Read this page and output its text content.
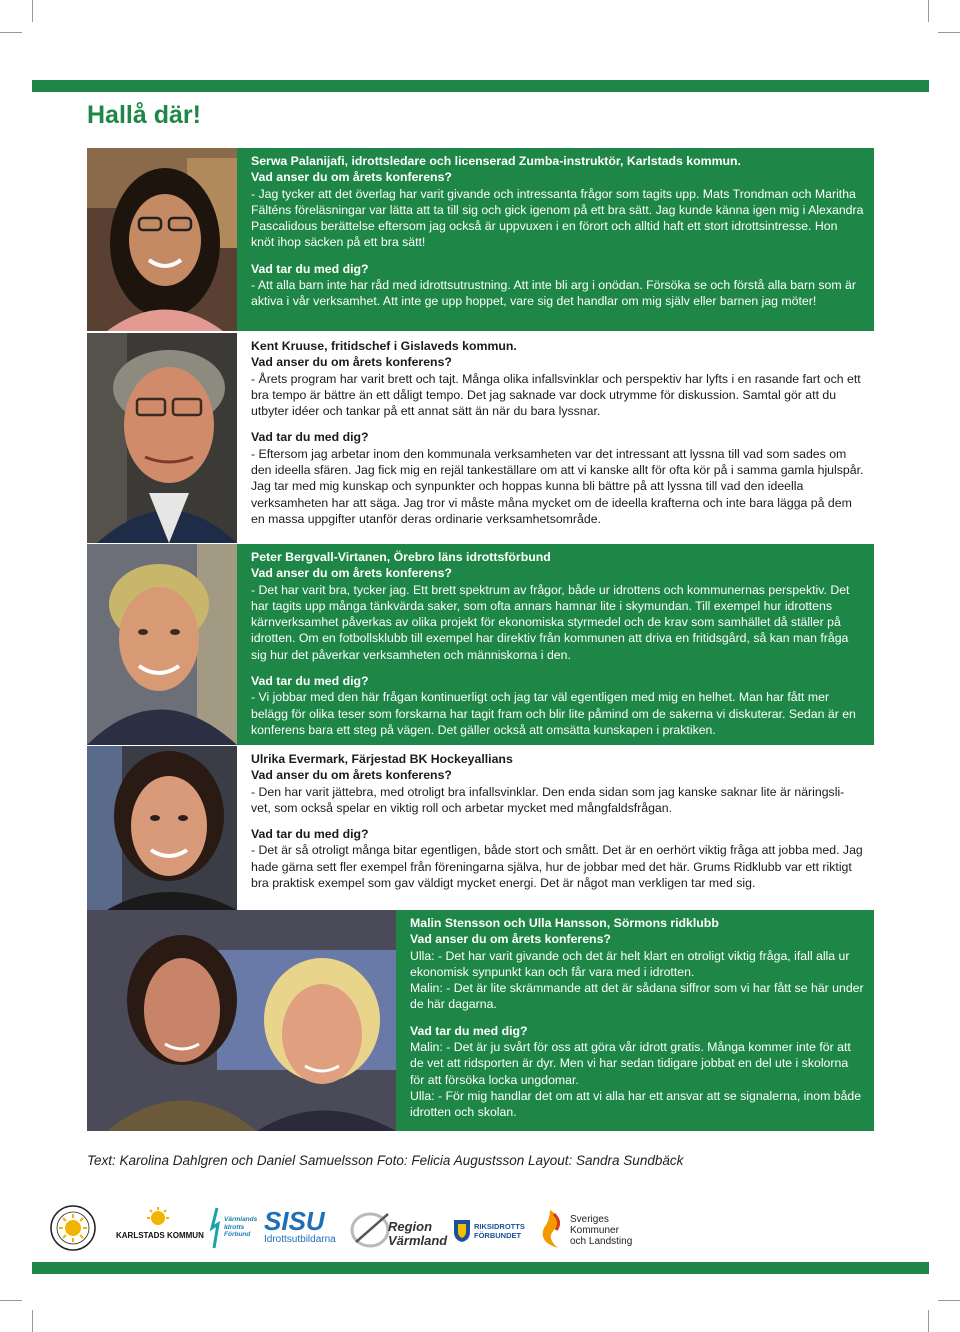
Hallå där!

Serwa Palanijafi, idrottsledare och licenserad Zumba-instruktör, Karlstads kommun.

Vad anser du om årets konferens?

- Jag tycker att det överlag har varit givande och intressanta frågor som tagits upp. Mats Trondman och Maritha Fälténs föreläsningar var lätta att ta till sig och gick igenom på ett bra sätt. Jag kunde känna igen mig i Alexandra Pascalidous berättelse eftersom jag också är uppvuxen i en förort och alltid haft ett stort idrottsintresse. Hon knöt ihop säcken på ett bra sätt!

Vad tar du med dig?

- Att alla barn inte har råd med idrottsutrustning. Att inte bli arg i onödan. Försöka se och förstå alla barn som är aktiva i vår verksamhet. Att inte ge upp hoppet, vare sig det handlar om mig själv eller barnen jag möter!

Kent Kruuse, fritidschef i Gislaveds kommun.

Vad anser du om årets konferens?

- Årets program har varit brett och tajt. Många olika infallsvinklar och perspektiv har lyfts i en rasande fart och ett bra tempo är bättre än ett dåligt tempo. Det jag saknade var dock utrymme för diskussion. Samtal gör att du utbyter idéer och tankar på ett annat sätt än när du bara lyssnar.

Vad tar du med dig?

- Eftersom jag arbetar inom den kommunala verksamheten var det intressant att lyssna till vad som sades om den ideella sfären. Jag fick mig en rejäl tankeställare om att vi kanske allt för ofta kör på i samma gamla hjulspår. Jag tar med mig kunskap och synpunkter och hoppas kunna bli bättre på att lyssna till vad den ideella verksamheten har att säga. Jag tror vi måste måna mycket om de ideella krafterna och inte bara lägga på dem en massa uppgifter utanför deras ordinarie verksamhetsområde.

Peter Bergvall-Virtanen, Örebro läns idrottsförbund

Vad anser du om årets konferens?

- Det har varit bra, tycker jag. Ett brett spektrum av frågor, både ur idrottens och kommunernas perspektiv. Det har tagits upp många tänkvärda saker, som ofta annars hamnar lite i skymundan. Till exempel hur idrottens kärnverksamhet påverkas av olika projekt för ekonomiska styrmedel och de krav som samhället då ställer på idrotten. Om en fotbollsklubb till exempel har direktiv från kommunen att driva en fritidsgård, så kan man fråga sig hur det påverkar verksamheten och människorna i den.

Vad tar du med dig?

- Vi jobbar med den här frågan kontinuerligt och jag tar väl egentligen med mig en helhet. Man har fått mer belägg för olika teser som forskarna har tagit fram och blir lite påmind om de sakerna vi diskuterar. Sedan är en konferens bara ett steg på vägen. Det gäller också att omsätta kunskapen i praktiken.

Ulrika Evermark, Färjestad BK Hockeyallians

Vad anser du om årets konferens?

- Den har varit jättebra, med otroligt bra infallsvinklar. Den enda sidan som jag kanske saknar lite är näringsli-vet, som också spelar en viktig roll och arbetar mycket med mångfaldsfrågan.

Vad tar du med dig?

- Det är så otroligt många bitar egentligen, både stort och smått. Det är en oerhört viktig fråga att jobba med. Jag hade gärna sett fler exempel från föreningarna själva, hur de jobbar med det här. Grums Ridklubb var ett riktigt bra praktisk exempel som gav väldigt mycket energi. Det är något man verkligen tar med sig.

Malin Stensson och Ulla Hansson, Sörmons ridklubb

Vad anser du om årets konferens?

Ulla: - Det har varit givande och det är helt klart en otroligt viktig fråga, ifall alla ur ekonomisk synpunkt kan och får vara med i idrotten.

Malin: - Det är lite skrämmande att det är sådana siffror som vi har fått se här under de här dagarna.

Vad tar du med dig?

Malin: - Det är ju svårt för oss att göra vår idrott gratis. Många kommer inte för att de vet att ridsporten är dyr. Men vi har sedan tidigare jobbat en del ute i skolorna för att försöka locka ungdomar.

Ulla: - För mig handlar det om att vi alla har ett ansvar att se signalerna, inom både idrotten och skolan.

Text: Karolina Dahlgren och Daniel Samuelsson Foto: Felicia Augustsson Layout: Sandra Sundbäck
KARLSTADS KOMMUN
Värmlands
Idrotts
Förbund SISU
Idrottsutbildarna
Region
Värmland
RIKSIDROTTS
FÖRBUNDET
Sveriges
Kommuner
och Landsting
